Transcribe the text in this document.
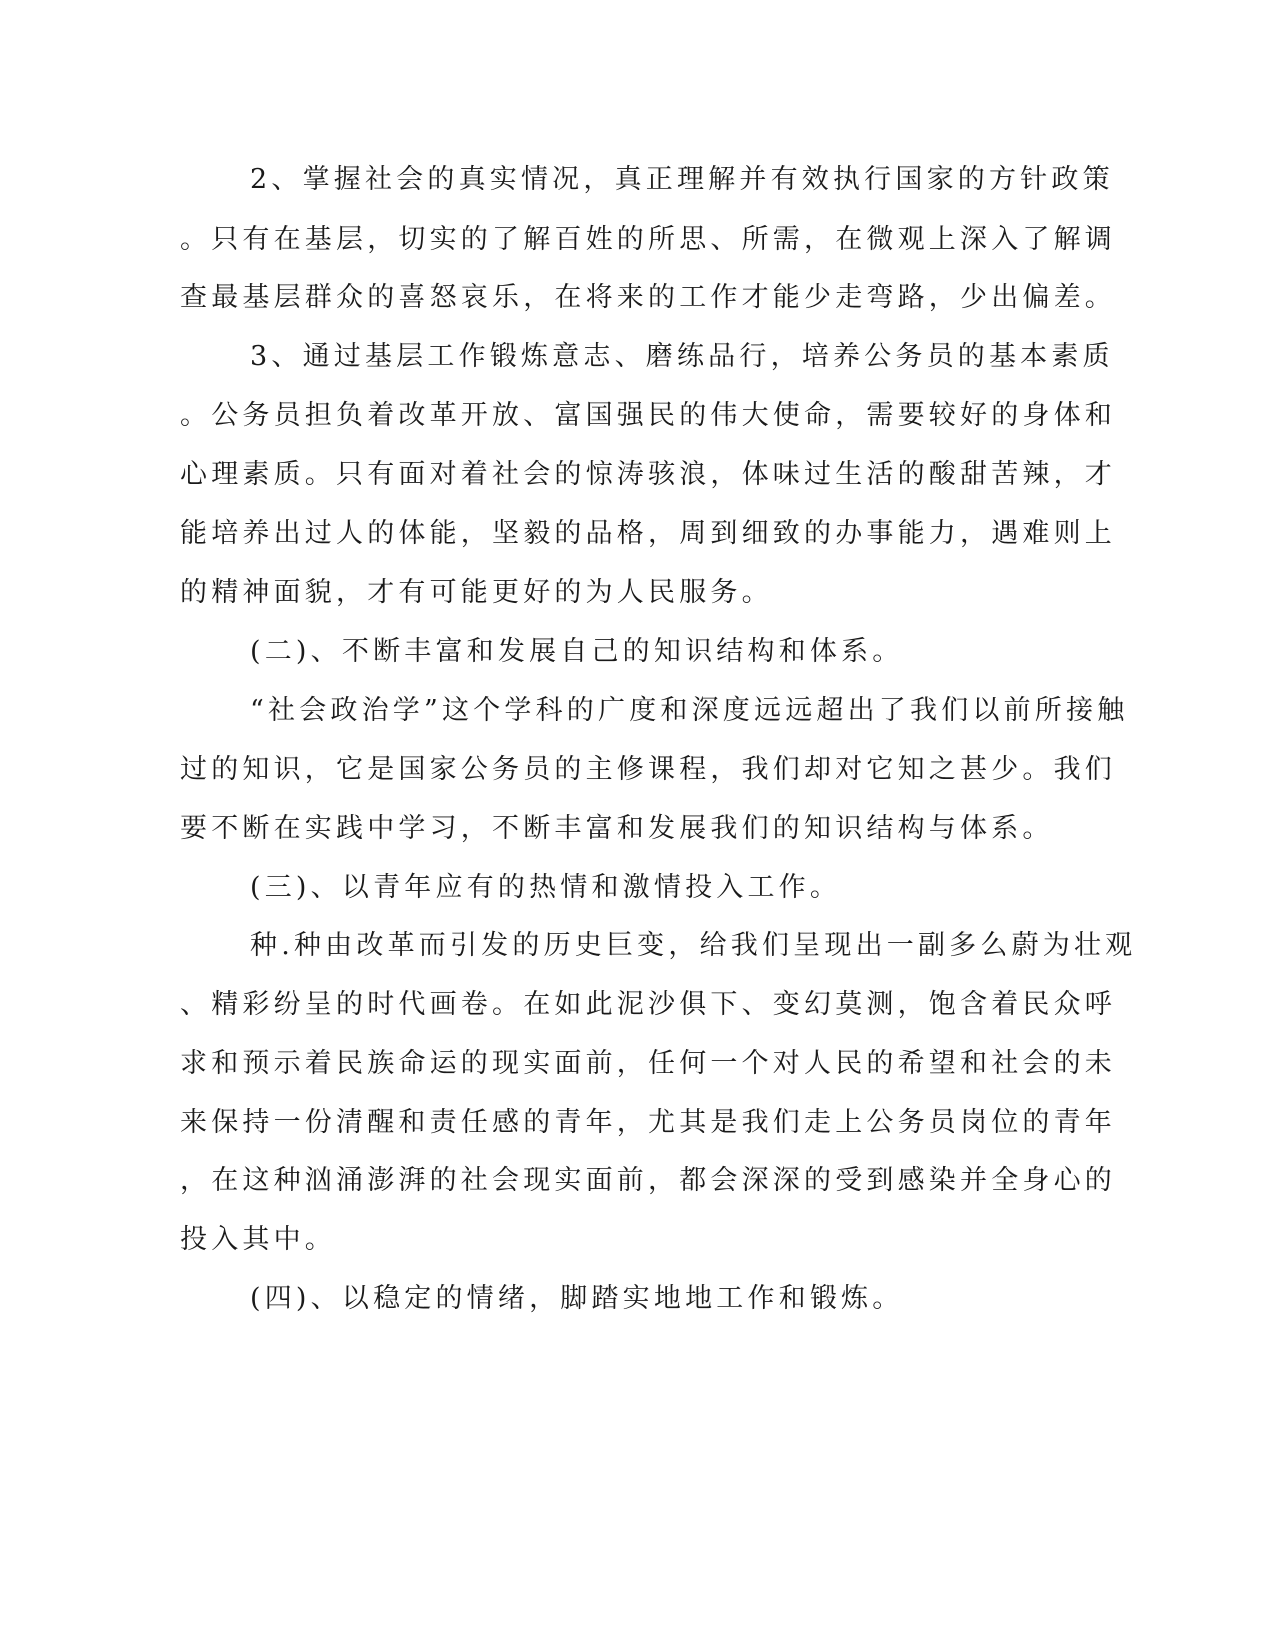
2、掌握社会的真实情况，真正理解并有效执行国家的方针政策
。只有在基层，切实的了解百姓的所思、所需，在微观上深入了解调
查最基层群众的喜怒哀乐，在将来的工作才能少走弯路，少出偏差。
3、通过基层工作锻炼意志、磨练品行，培养公务员的基本素质
。公务员担负着改革开放、富国强民的伟大使命，需要较好的身体和
心理素质。只有面对着社会的惊涛骇浪，体味过生活的酸甜苦辣，才
能培养出过人的体能，坚毅的品格，周到细致的办事能力，遇难则上
的精神面貌，才有可能更好的为人民服务。
(二)、不断丰富和发展自己的知识结构和体系。
“社会政治学”这个学科的广度和深度远远超出了我们以前所接触
过的知识，它是国家公务员的主修课程，我们却对它知之甚少。我们
要不断在实践中学习，不断丰富和发展我们的知识结构与体系。
(三)、以青年应有的热情和激情投入工作。
种.种由改革而引发的历史巨变，给我们呈现出一副多么蔚为壮观
、精彩纷呈的时代画卷。在如此泥沙俱下、变幻莫测，饱含着民众呼
求和预示着民族命运的现实面前，任何一个对人民的希望和社会的未
来保持一份清醒和责任感的青年，尤其是我们走上公务员岗位的青年
，在这种汹涌澎湃的社会现实面前，都会深深的受到感染并全身心的
投入其中。
(四)、以稳定的情绪，脚踏实地地工作和锻炼。
